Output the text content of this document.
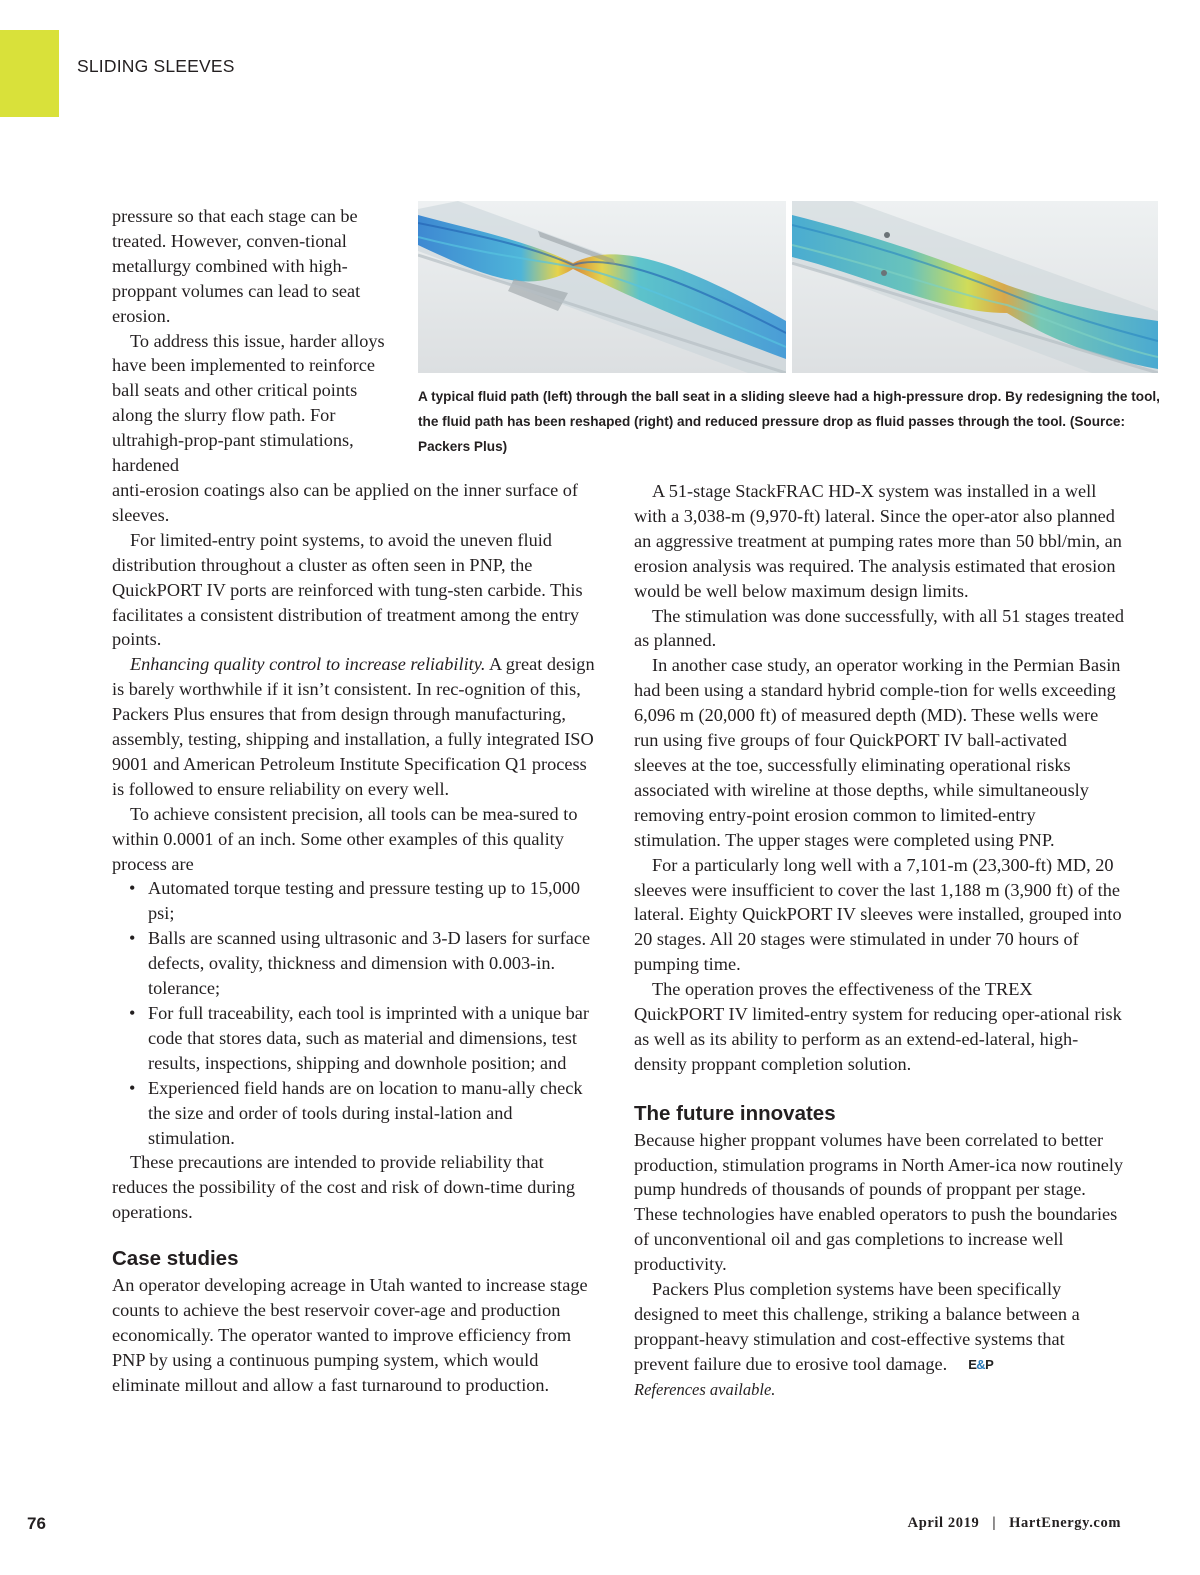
SLIDING SLEEVES
A typical fluid path (left) through the ball seat in a sliding sleeve had a high-pressure drop. By redesigning the tool, the fluid path has been reshaped (right) and reduced pressure drop as fluid passes through the tool. (Source: Packers Plus)

pressure so that each stage can be treated. However, conven-tional metallurgy combined with high-proppant volumes can lead to seat erosion.

To address this issue, harder alloys have been implemented to reinforce ball seats and other critical points along the slurry flow path. For ultrahigh-prop-pant stimulations, hardened

anti-erosion coatings also can be applied on the inner surface of sleeves.

For limited-entry point systems, to avoid the uneven fluid distribution throughout a cluster as often seen in PNP, the QuickPORT IV ports are reinforced with tung-sten carbide. This facilitates a consistent distribution of treatment among the entry points.

Enhancing quality control to increase reliability. A great design is barely worthwhile if it isn’t consistent. In rec-ognition of this, Packers Plus ensures that from design through manufacturing, assembly, testing, shipping and installation, a fully integrated ISO 9001 and American Petroleum Institute Specification Q1 process is followed to ensure reliability on every well.

To achieve consistent precision, all tools can be mea-sured to within 0.0001 of an inch. Some other examples of this quality process are

• Automated torque testing and pressure testing up to 15,000 psi;
• Balls are scanned using ultrasonic and 3-D lasers for surface defects, ovality, thickness and dimension with 0.003-in. tolerance;
• For full traceability, each tool is imprinted with a unique bar code that stores data, such as material and dimensions, test results, inspections, shipping and downhole position; and
• Experienced field hands are on location to manu-ally check the size and order of tools during instal-lation and stimulation.

These precautions are intended to provide reliability that reduces the possibility of the cost and risk of down-time during operations.

Case studies

An operator developing acreage in Utah wanted to increase stage counts to achieve the best reservoir cover-age and production economically. The operator wanted to improve efficiency from PNP by using a continuous pumping system, which would eliminate millout and allow a fast turnaround to production.

A 51-stage StackFRAC HD-X system was installed in a well with a 3,038-m (9,970-ft) lateral. Since the oper-ator also planned an aggressive treatment at pumping rates more than 50 bbl/min, an erosion analysis was required. The analysis estimated that erosion would be well below maximum design limits.

The stimulation was done successfully, with all 51 stages treated as planned.

In another case study, an operator working in the Permian Basin had been using a standard hybrid comple-tion for wells exceeding 6,096 m (20,000 ft) of measured depth (MD). These wells were run using five groups of four QuickPORT IV ball-activated sleeves at the toe, successfully eliminating operational risks associated with wireline at those depths, while simultaneously removing entry-point erosion common to limited-entry stimulation. The upper stages were completed using PNP.

For a particularly long well with a 7,101-m (23,300-ft) MD, 20 sleeves were insufficient to cover the last 1,188 m (3,900 ft) of the lateral. Eighty QuickPORT IV sleeves were installed, grouped into 20 stages. All 20 stages were stimulated in under 70 hours of pumping time.

The operation proves the effectiveness of the TREX QuickPORT IV limited-entry system for reducing oper-ational risk as well as its ability to perform as an extend-ed-lateral, high-density proppant completion solution.

The future innovates

Because higher proppant volumes have been correlated to better production, stimulation programs in North Amer-ica now routinely pump hundreds of thousands of pounds of proppant per stage. These technologies have enabled operators to push the boundaries of unconventional oil and gas completions to increase well productivity.

Packers Plus completion systems have been specifically designed to meet this challenge, striking a balance between a proppant-heavy stimulation and cost-effective systems that prevent failure due to erosive tool damage. E&P

References available.

76	April 2019 | HartEnergy.com
